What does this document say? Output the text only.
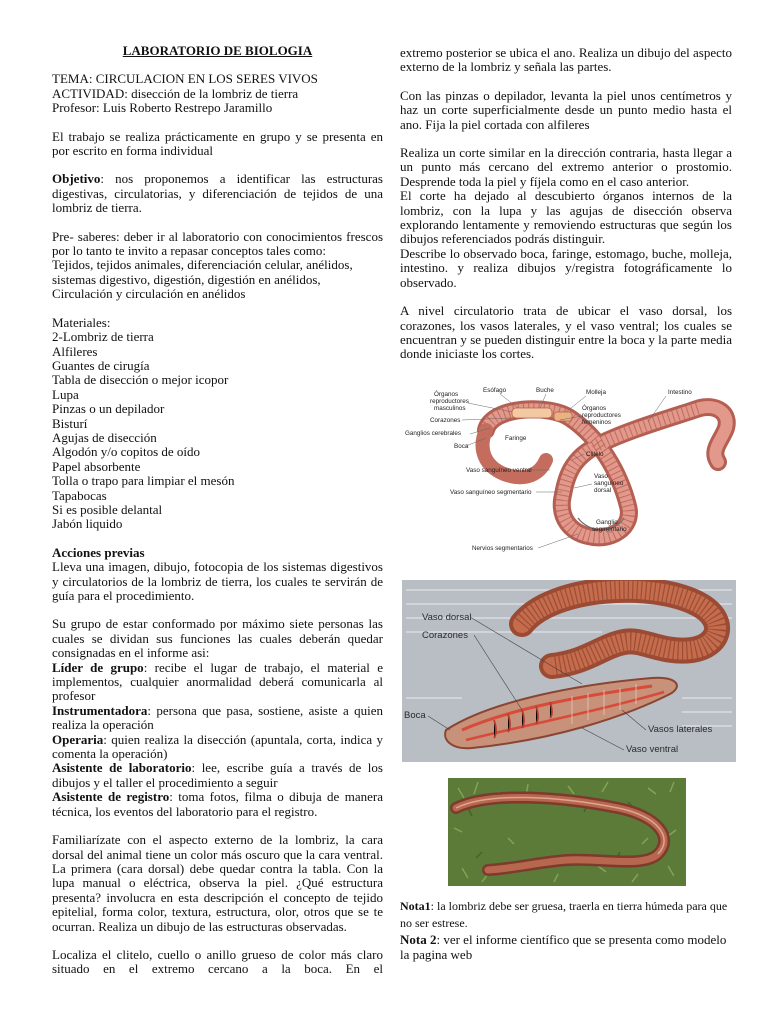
LABORATORIO DE BIOLOGIA

TEMA: CIRCULACION EN LOS SERES VIVOS

ACTIVIDAD: disección de la lombriz de tierra

Profesor: Luis Roberto Restrepo Jaramillo

El trabajo se realiza prácticamente en grupo y se presenta en por escrito en forma individual

Objetivo: nos proponemos a identificar las estructuras digestivas, circulatorias, y diferenciación de tejidos de una lombriz de tierra.

Pre- saberes: deber ir al laboratorio con conocimientos frescos por lo tanto te invito a repasar conceptos tales como:

Tejidos, tejidos animales, diferenciación celular, anélidos,

sistemas digestivo, digestión, digestión en anélidos,

Circulación y circulación en anélidos

Materiales:

2-Lombriz de tierra

Alfileres

Guantes de cirugía

Tabla de disección o mejor icopor

Lupa

Pinzas o un depilador

Bisturí

Agujas de disección

Algodón y/o copitos de oído

Papel absorbente

Tolla o trapo para limpiar el mesón

Tapabocas

Si es posible delantal

Jabón liquido

Acciones previas

Lleva una imagen, dibujo, fotocopia de los sistemas digestivos y circulatorios de la lombriz de tierra, los cuales te servirán de guía para el procedimiento.

Su grupo de estar conformado por máximo siete personas las cuales se dividan sus funciones las cuales deberán quedar consignadas en el informe asi:

Líder de grupo: recibe el lugar de trabajo, el material e implementos, cualquier anormalidad deberá comunicarla al profesor

Instrumentadora: persona que pasa, sostiene, asiste a quien realiza la operación

Operaria: quien realiza la disección (apuntala, corta, indica y comenta la operación)

Asistente de laboratorio: lee, escribe guía a través de los dibujos y el taller el procedimiento a seguir

Asistente de registro: toma fotos, filma o dibuja de manera técnica, los eventos del laboratorio para el registro.

Familiarízate con el aspecto externo de la lombriz, la cara dorsal del animal tiene un color más oscuro que la cara ventral. La primera (cara dorsal) debe quedar contra la tabla. Con la lupa manual o eléctrica, observa la piel. ¿Qué estructura presenta? involucra en esta descripción el concepto de tejido epitelial, forma color, textura, estructura, olor, otros que se te ocurran. Realiza un dibujo de las estructuras observadas.

Localiza el clitelo, cuello o anillo grueso de color más claro situado en el extremo cercano a la boca. En el

extremo posterior se ubica el ano. Realiza un dibujo del aspecto externo de la lombriz y señala las partes.

Con las pinzas o depilador, levanta la piel unos centímetros y haz un corte superficialmente desde un punto medio hasta el ano. Fija la piel cortada con alfileres

Realiza un corte similar en la dirección contraria, hasta llegar a un punto más cercano del extremo anterior o prostomio. Desprende toda la piel y fíjela como en el caso anterior.

El corte ha dejado al descubierto órganos internos de la lombriz, con la lupa y las agujas de disección observa explorando lentamente y removiendo estructuras que según los dibujos referenciados podrás distinguir.

Describe lo observado boca, faringe, estomago, buche, molleja, intestino. y realiza dibujos y/registra fotográficamente lo observado.

A nivel circulatorio trata de ubicar el vaso dorsal, los corazones, los vasos laterales, y el vaso ventral; los cuales se encuentran y se pueden distinguir entre la boca y la parte media donde iniciaste los cortes.

Esófago	Buche	Molleja
Órganos
reproductores
masculinos
Corazones
Ganglios cerebrales
Boca
Faringe
Órganos
reproductores
femeninos
Intestino
Clitelo
Vaso sanguíneo ventral
Vaso
sanguíneo
dorsal
Vaso sanguíneo segmentario
Ganglio
segmentario
Nervios segmentarios
Vaso dorsal
Corazones
Boca
Vasos laterales
Vaso ventral

Nota1: la lombriz debe ser gruesa, traerla en tierra húmeda para que no ser estrese.

Nota 2: ver el informe científico que se presenta como modelo la pagina web
